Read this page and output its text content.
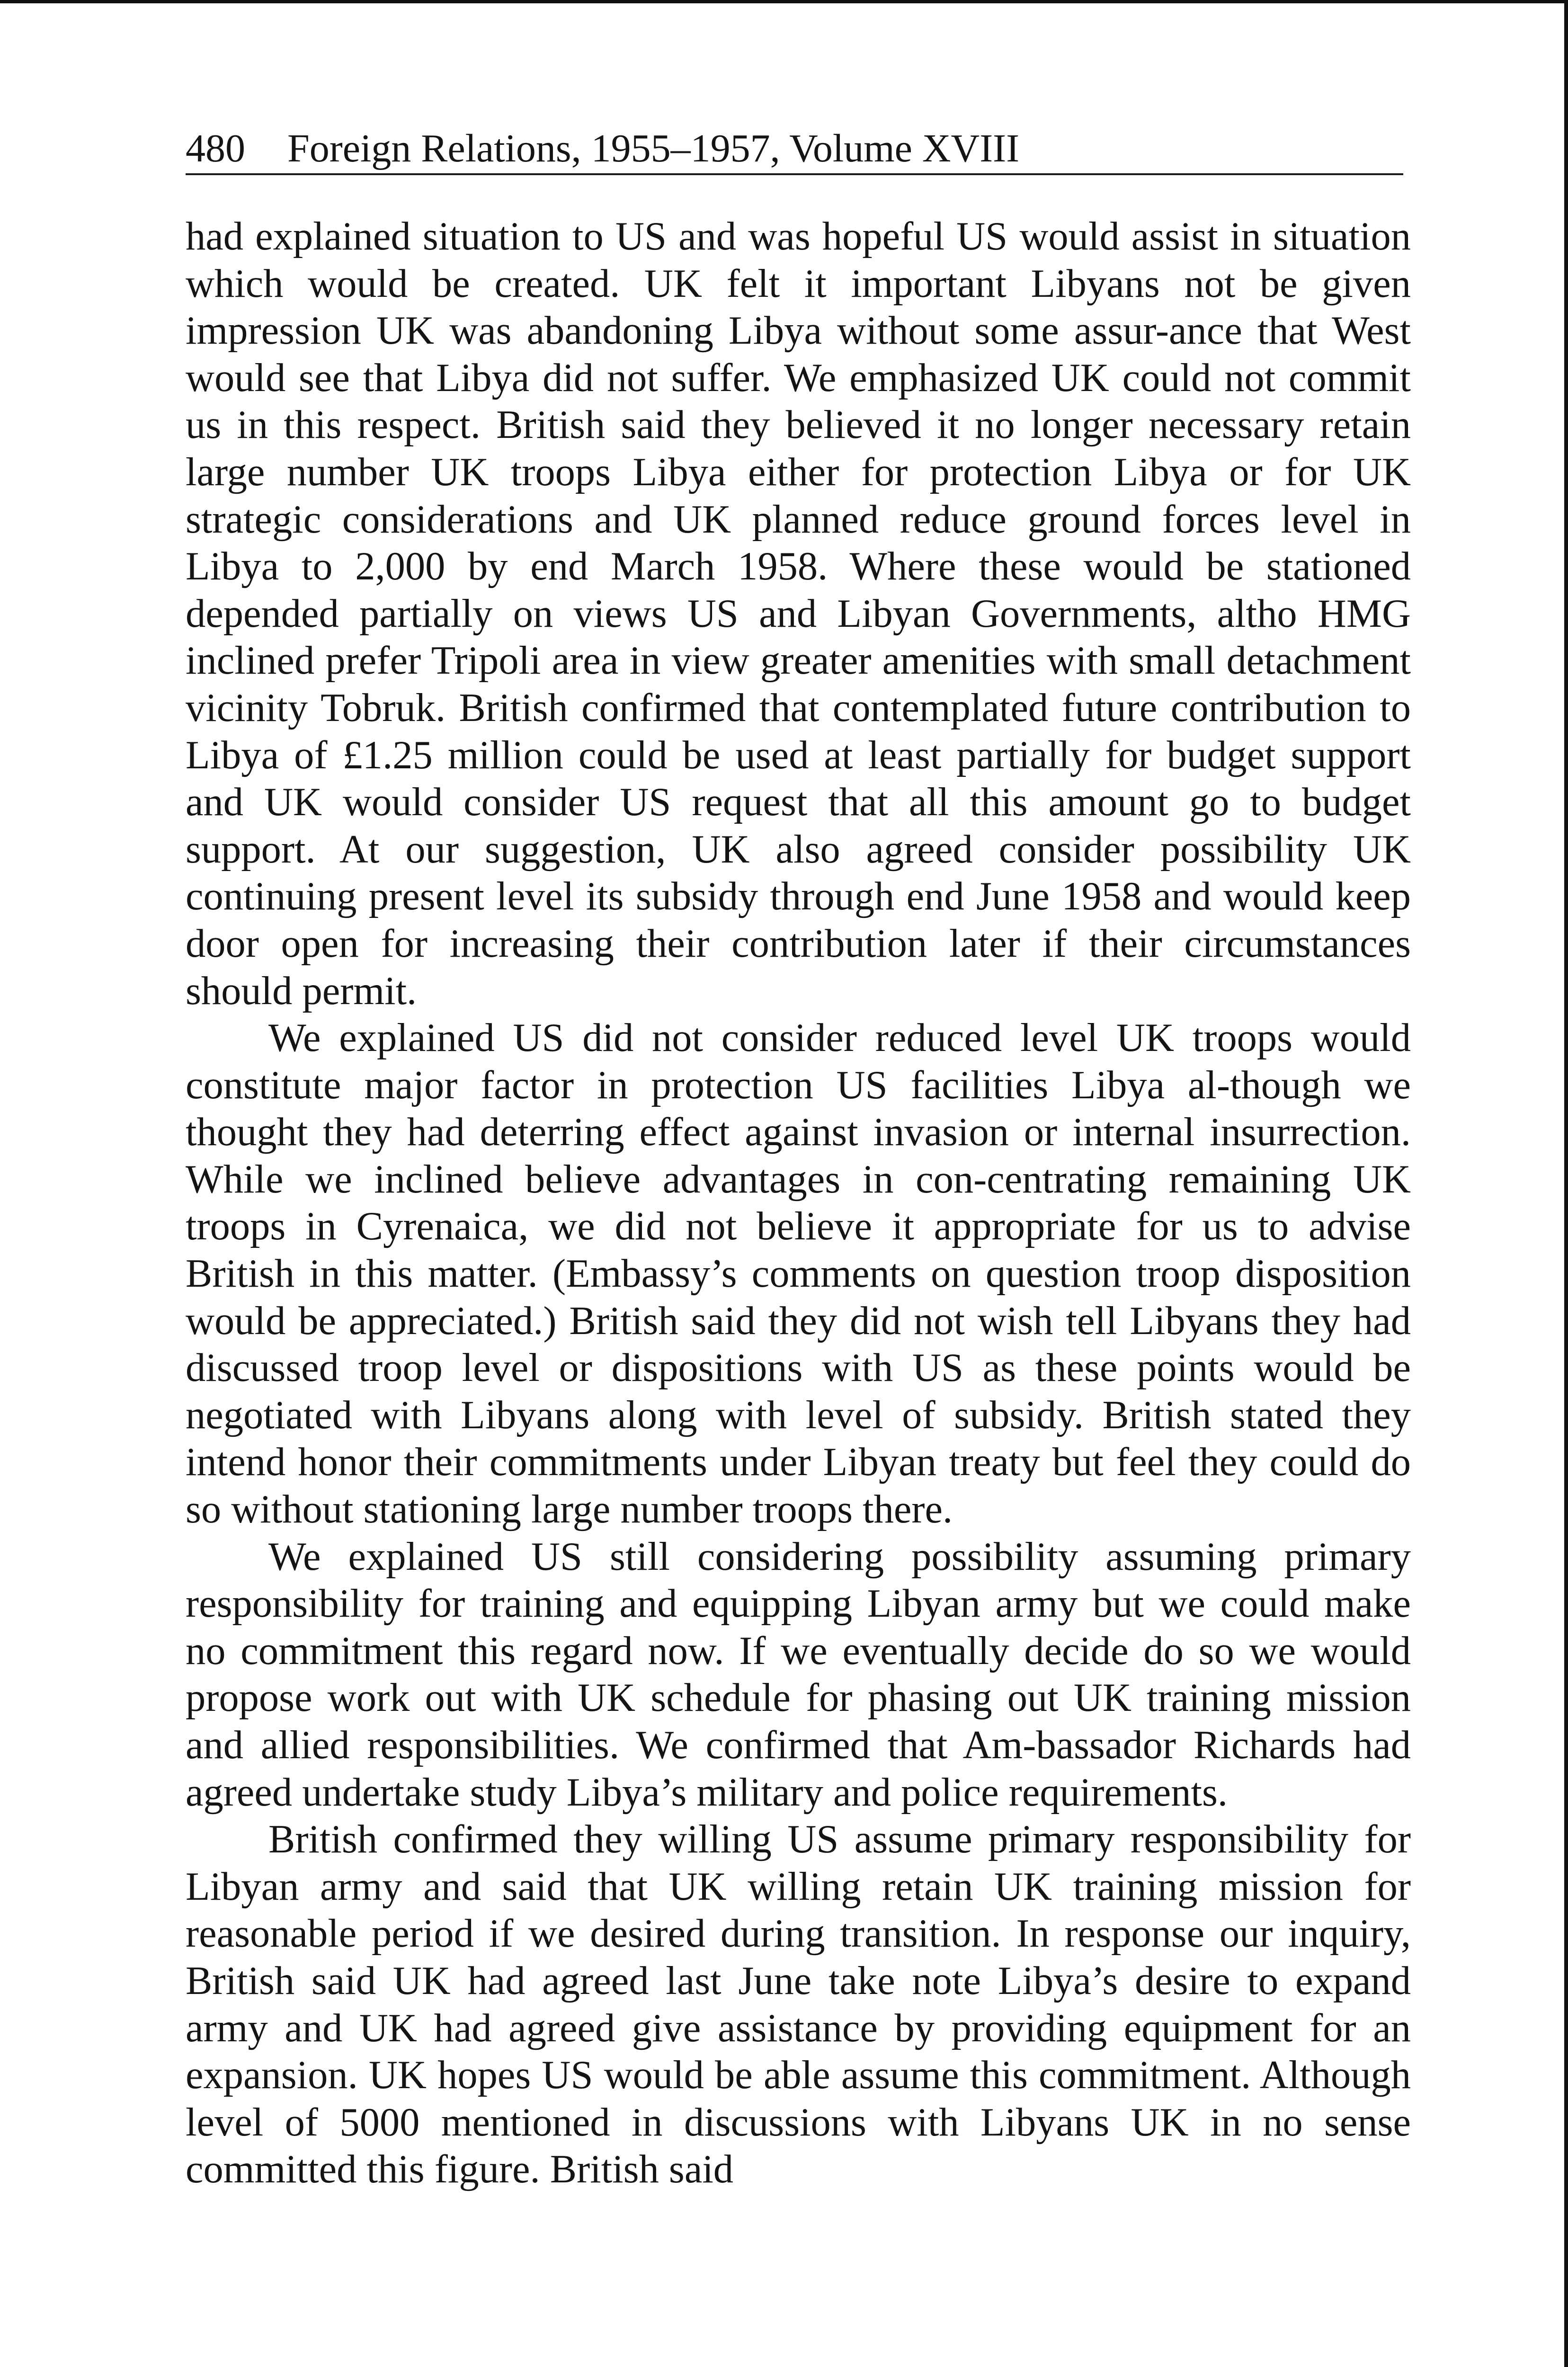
480 Foreign Relations, 1955–1957, Volume XVIII

had explained situation to US and was hopeful US would assist in situation which would be created. UK felt it important Libyans not be given impression UK was abandoning Libya without some assur-ance that West would see that Libya did not suffer. We emphasized UK could not commit us in this respect. British said they believed it no longer necessary retain large number UK troops Libya either for protection Libya or for UK strategic considerations and UK planned reduce ground forces level in Libya to 2,000 by end March 1958. Where these would be stationed depended partially on views US and Libyan Governments, altho HMG inclined prefer Tripoli area in view greater amenities with small detachment vicinity Tobruk. British confirmed that contemplated future contribution to Libya of £1.25 million could be used at least partially for budget support and UK would consider US request that all this amount go to budget support. At our suggestion, UK also agreed consider possibility UK continuing present level its subsidy through end June 1958 and would keep door open for increasing their contribution later if their circumstances should permit.

We explained US did not consider reduced level UK troops would constitute major factor in protection US facilities Libya al-though we thought they had deterring effect against invasion or internal insurrection. While we inclined believe advantages in con-centrating remaining UK troops in Cyrenaica, we did not believe it appropriate for us to advise British in this matter. (Embassy’s comments on question troop disposition would be appreciated.) British said they did not wish tell Libyans they had discussed troop level or dispositions with US as these points would be negotiated with Libyans along with level of subsidy. British stated they intend honor their commitments under Libyan treaty but feel they could do so without stationing large number troops there.

We explained US still considering possibility assuming primary responsibility for training and equipping Libyan army but we could make no commitment this regard now. If we eventually decide do so we would propose work out with UK schedule for phasing out UK training mission and allied responsibilities. We confirmed that Am-bassador Richards had agreed undertake study Libya’s military and police requirements.

British confirmed they willing US assume primary responsibility for Libyan army and said that UK willing retain UK training mission for reasonable period if we desired during transition. In response our inquiry, British said UK had agreed last June take note Libya’s desire to expand army and UK had agreed give assistance by providing equipment for an expansion. UK hopes US would be able assume this commitment. Although level of 5000 mentioned in discussions with Libyans UK in no sense committed this figure. British said
